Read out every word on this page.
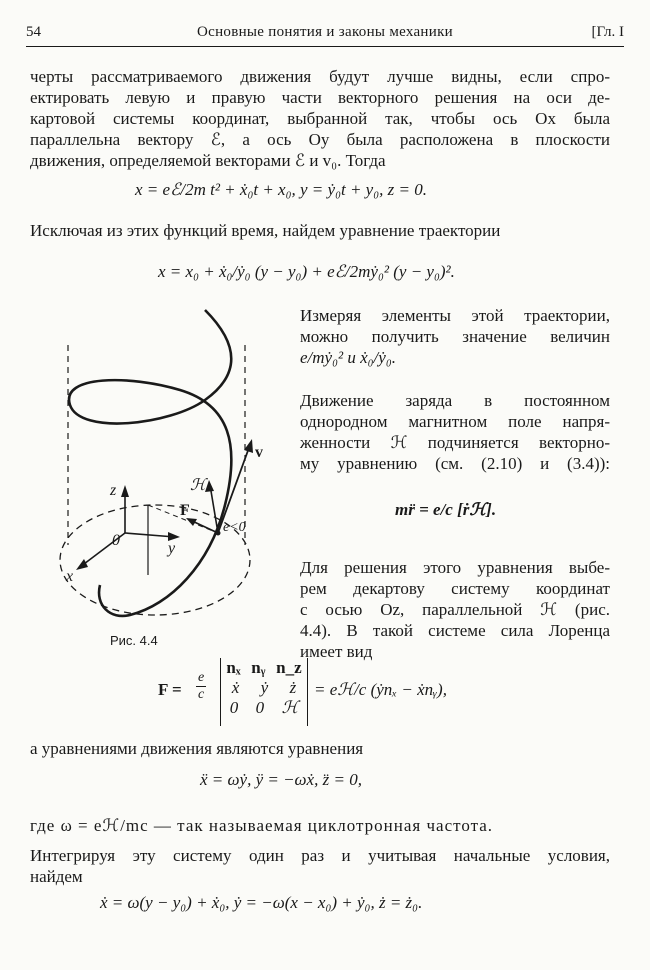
54	Основные понятия и законы механики	[Гл. I
черты рассматриваемого движения будут лучше видны, если спро-
ектировать левую и правую части векторного решения на оси де-
картовой системы координат, выбранной так, чтобы ось Ox была
параллельна вектору ℰ, а ось Oy была расположена в плоскости
движения, определяемой векторами ℰ и v₀. Тогда
x = eℰ/2m t² + ẋ₀t + x₀, y = ẏ₀t + y₀, z = 0.
Исключая из этих функций время, найдем уравнение траектории
x = x₀ + ẋ₀/ẏ₀ (y − y₀) + eℰ/2mẏ₀² (y − y₀)².
Измеряя элементы этой траектории,
можно получить значение величин
e/mẏ₀² и ẋ₀/ẏ₀.
Движение заряда в постоянном
однородном магнитном поле напря-
женности ℋ подчиняется векторно-
му уравнению (см. (2.10) и (3.4)):
mr̈ = e/c [ṙℋ].
Для решения этого уравнения выбе-
рем декартову систему координат
с осью Oz, параллельной ℋ (рис.
4.4). В такой системе сила Лоренца
имеет вид
z
y
x
0
F
ℋ
v
e<0
Рис. 4.4
$F = \frac{e}{c}$
nₓ nᵧ n_z
ẋ ẏ ż
0 0 ℋ
= eℋ/c (ẏnₓ − ẋnᵧ),
а уравнениями движения являются уравнения
ẍ = ωẏ, ÿ = −ωẋ, z̈ = 0,
где ω = eℋ/mc — так называемая циклотронная частота.
Интегрируя эту систему один раз и учитывая начальные условия,
найдем
ẋ = ω(y − y₀) + ẋ₀, ẏ = −ω(x − x₀) + ẏ₀, ż = ż₀.
